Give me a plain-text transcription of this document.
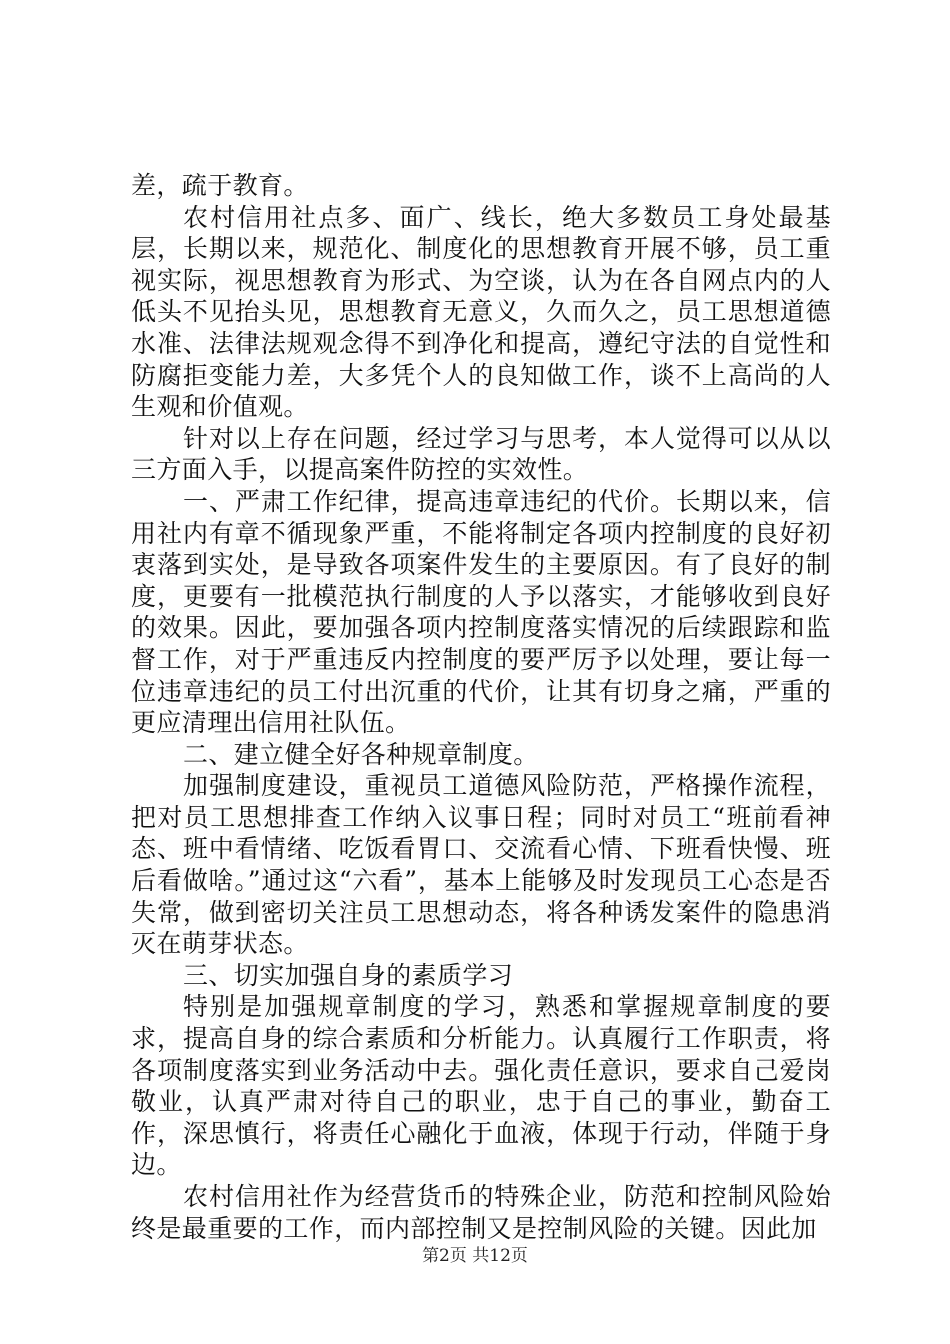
差，疏于教育。

农村信用社点多、面广、线长，绝大多数员工身处最基层，长期以来，规范化、制度化的思想教育开展不够，员工重视实际，视思想教育为形式、为空谈，认为在各自网点内的人低头不见抬头见，思想教育无意义，久而久之，员工思想道德水准、法律法规观念得不到净化和提高，遵纪守法的自觉性和防腐拒变能力差，大多凭个人的良知做工作，谈不上高尚的人生观和价值观。

针对以上存在问题，经过学习与思考，本人觉得可以从以三方面入手，以提高案件防控的实效性。

一、严肃工作纪律，提高违章违纪的代价。长期以来，信用社内有章不循现象严重，不能将制定各项内控制度的良好初衷落到实处，是导致各项案件发生的主要原因。有了良好的制度，更要有一批模范执行制度的人予以落实，才能够收到良好的效果。因此，要加强各项内控制度落实情况的后续跟踪和监督工作，对于严重违反内控制度的要严厉予以处理，要让每一位违章违纪的员工付出沉重的代价，让其有切身之痛，严重的更应清理出信用社队伍。

二、建立健全好各种规章制度。

加强制度建设，重视员工道德风险防范，严格操作流程，把对员工思想排查工作纳入议事日程；同时对员工“班前看神态、班中看情绪、吃饭看胃口、交流看心情、下班看快慢、班后看做啥。”通过这“六看”，基本上能够及时发现员工心态是否失常，做到密切关注员工思想动态，将各种诱发案件的隐患消灭在萌芽状态。

三、切实加强自身的素质学习

特别是加强规章制度的学习，熟悉和掌握规章制度的要求，提高自身的综合素质和分析能力。认真履行工作职责，将各项制度落实到业务活动中去。强化责任意识，要求自己爱岗敬业，认真严肃对待自己的职业，忠于自己的事业，勤奋工作，深思慎行，将责任心融化于血液，体现于行动，伴随于身边。

农村信用社作为经营货币的特殊企业，防范和控制风险始终是最重要的工作，而内部控制又是控制风险的关键。因此加

第2页 共12页
